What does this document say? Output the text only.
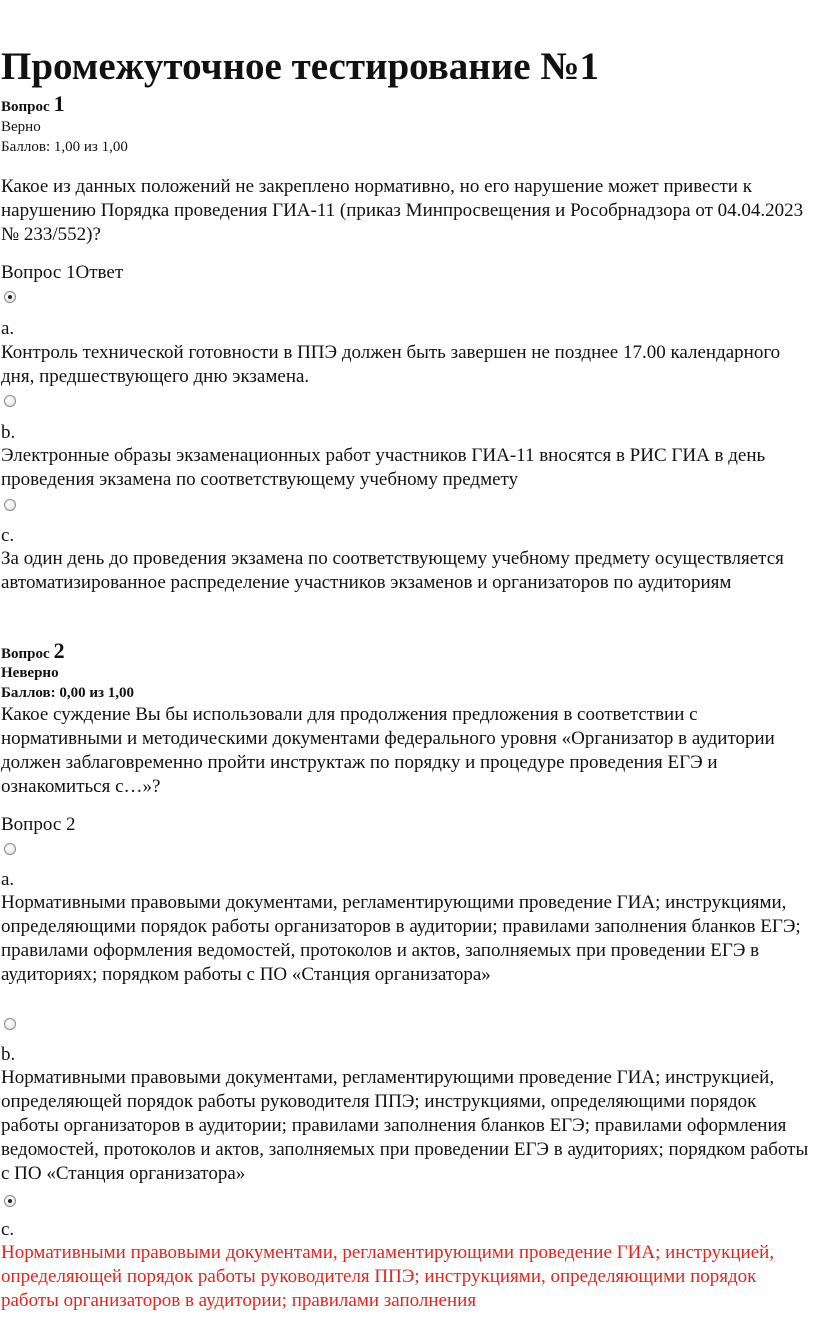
Промежуточное тестирование №1
Вопрос 1
Верно
Баллов: 1,00 из 1,00
Какое из данных положений не закреплено нормативно, но его нарушение может привести к нарушению Порядка проведения ГИА-11 (приказ Минпросвещения и Рособрнадзора от 04.04.2023 № 233/552)?
Вопрос 1Ответ
a.
Контроль технической готовности в ППЭ должен быть завершен не позднее 17.00 календарного дня, предшествующего дню экзамена.
b.
Электронные образы экзаменационных работ участников ГИА-11 вносятся в РИС ГИА в день проведения экзамена по соответствующему учебному предмету
c.
За один день до проведения экзамена по соответствующему учебному предмету осуществляется автоматизированное распределение участников экзаменов и организаторов по аудиториям
Вопрос 2
Неверно
Баллов: 0,00 из 1,00
Какое суждение Вы бы использовали для продолжения предложения в соответствии с нормативными и методическими документами федерального уровня «Организатор в аудитории должен заблаговременно пройти инструктаж по порядку и процедуре проведения ЕГЭ и ознакомиться с…»?
Вопрос 2
a.
Нормативными правовыми документами, регламентирующими проведение ГИА; инструкциями, определяющими порядок работы организаторов в аудитории; правилами заполнения бланков ЕГЭ; правилами оформления ведомостей, протоколов и актов, заполняемых при проведении ЕГЭ в аудиториях; порядком работы с ПО «Станция организатора»
b.
Нормативными правовыми документами, регламентирующими проведение ГИА; инструкцией, определяющей порядок работы руководителя ППЭ; инструкциями, определяющими порядок работы организаторов в аудитории; правилами заполнения бланков ЕГЭ; правилами оформления ведомостей, протоколов и актов, заполняемых при проведении ЕГЭ в аудиториях; порядком работы с ПО «Станция организатора»
c.
Нормативными правовыми документами, регламентирующими проведение ГИА; инструкцией, определяющей порядок работы руководителя ППЭ; инструкциями, определяющими порядок работы организаторов в аудитории; правилами заполнения
